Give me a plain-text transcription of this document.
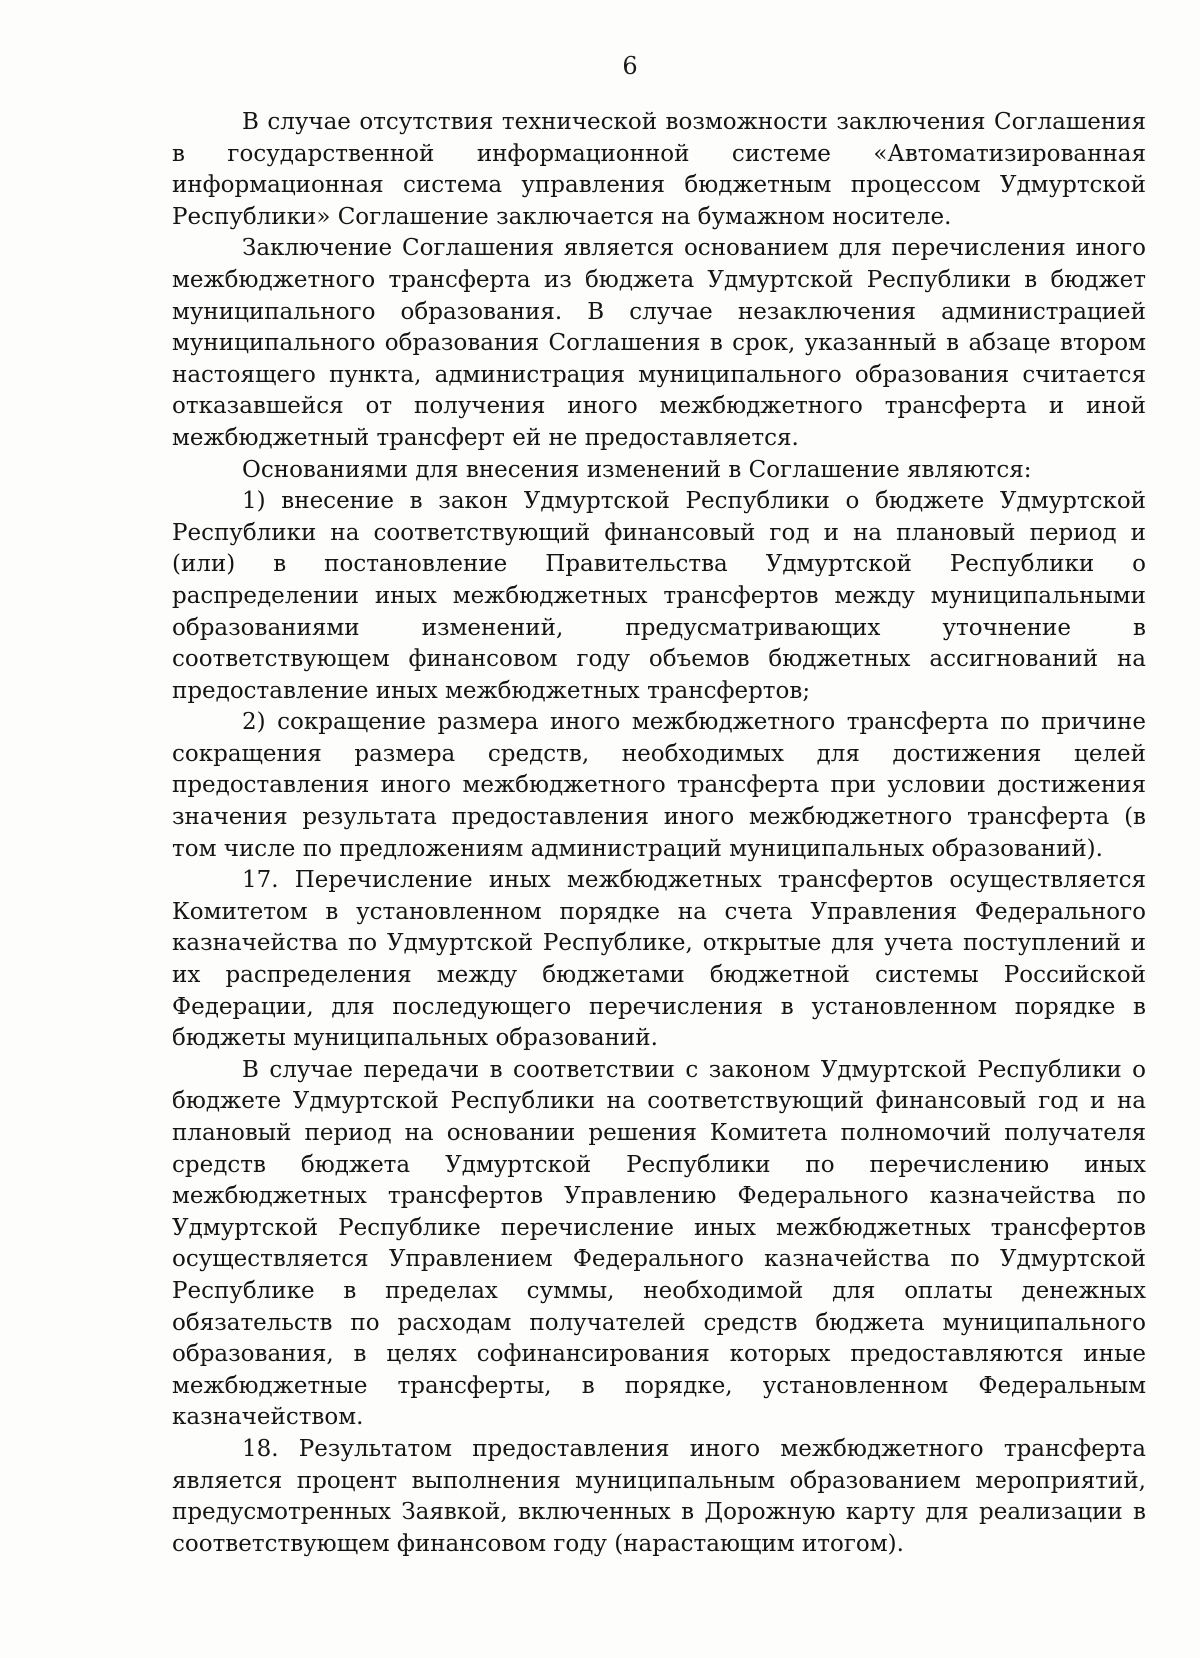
6

В случае отсутствия технической возможности заключения Соглашения в государственной информационной системе «Автоматизированная информационная система управления бюджетным процессом Удмуртской Республики» Соглашение заключается на бумажном носителе.

Заключение Соглашения является основанием для перечисления иного межбюджетного трансферта из бюджета Удмуртской Республики в бюджет муниципального образования. В случае незаключения администрацией муниципального образования Соглашения в срок, указанный в абзаце втором настоящего пункта, администрация муниципального образования считается отказавшейся от получения иного межбюджетного трансферта и иной межбюджетный трансферт ей не предоставляется.

Основаниями для внесения изменений в Соглашение являются:

1) внесение в закон Удмуртской Республики о бюджете Удмуртской Республики на соответствующий финансовый год и на плановый период и (или) в постановление Правительства Удмуртской Республики о распределении иных межбюджетных трансфертов между муниципальными образованиями изменений, предусматривающих уточнение в соответствующем финансовом году объемов бюджетных ассигнований на предоставление иных межбюджетных трансфертов;

2) сокращение размера иного межбюджетного трансферта по причине сокращения размера средств, необходимых для достижения целей предоставления иного межбюджетного трансферта при условии достижения значения результата предоставления иного межбюджетного трансферта (в том числе по предложениям администраций муниципальных образований).

17. Перечисление иных межбюджетных трансфертов осуществляется Комитетом в установленном порядке на счета Управления Федерального казначейства по Удмуртской Республике, открытые для учета поступлений и их распределения между бюджетами бюджетной системы Российской Федерации, для последующего перечисления в установленном порядке в бюджеты муниципальных образований.

В случае передачи в соответствии с законом Удмуртской Республики о бюджете Удмуртской Республики на соответствующий финансовый год и на плановый период на основании решения Комитета полномочий получателя средств бюджета Удмуртской Республики по перечислению иных межбюджетных трансфертов Управлению Федерального казначейства по Удмуртской Республике перечисление иных межбюджетных трансфертов осуществляется Управлением Федерального казначейства по Удмуртской Республике в пределах суммы, необходимой для оплаты денежных обязательств по расходам получателей средств бюджета муниципального образования, в целях софинансирования которых предоставляются иные межбюджетные трансферты, в порядке, установленном Федеральным казначейством.

18. Результатом предоставления иного межбюджетного трансферта является процент выполнения муниципальным образованием мероприятий, предусмотренных Заявкой, включенных в Дорожную карту для реализации в соответствующем финансовом году (нарастающим итогом).
